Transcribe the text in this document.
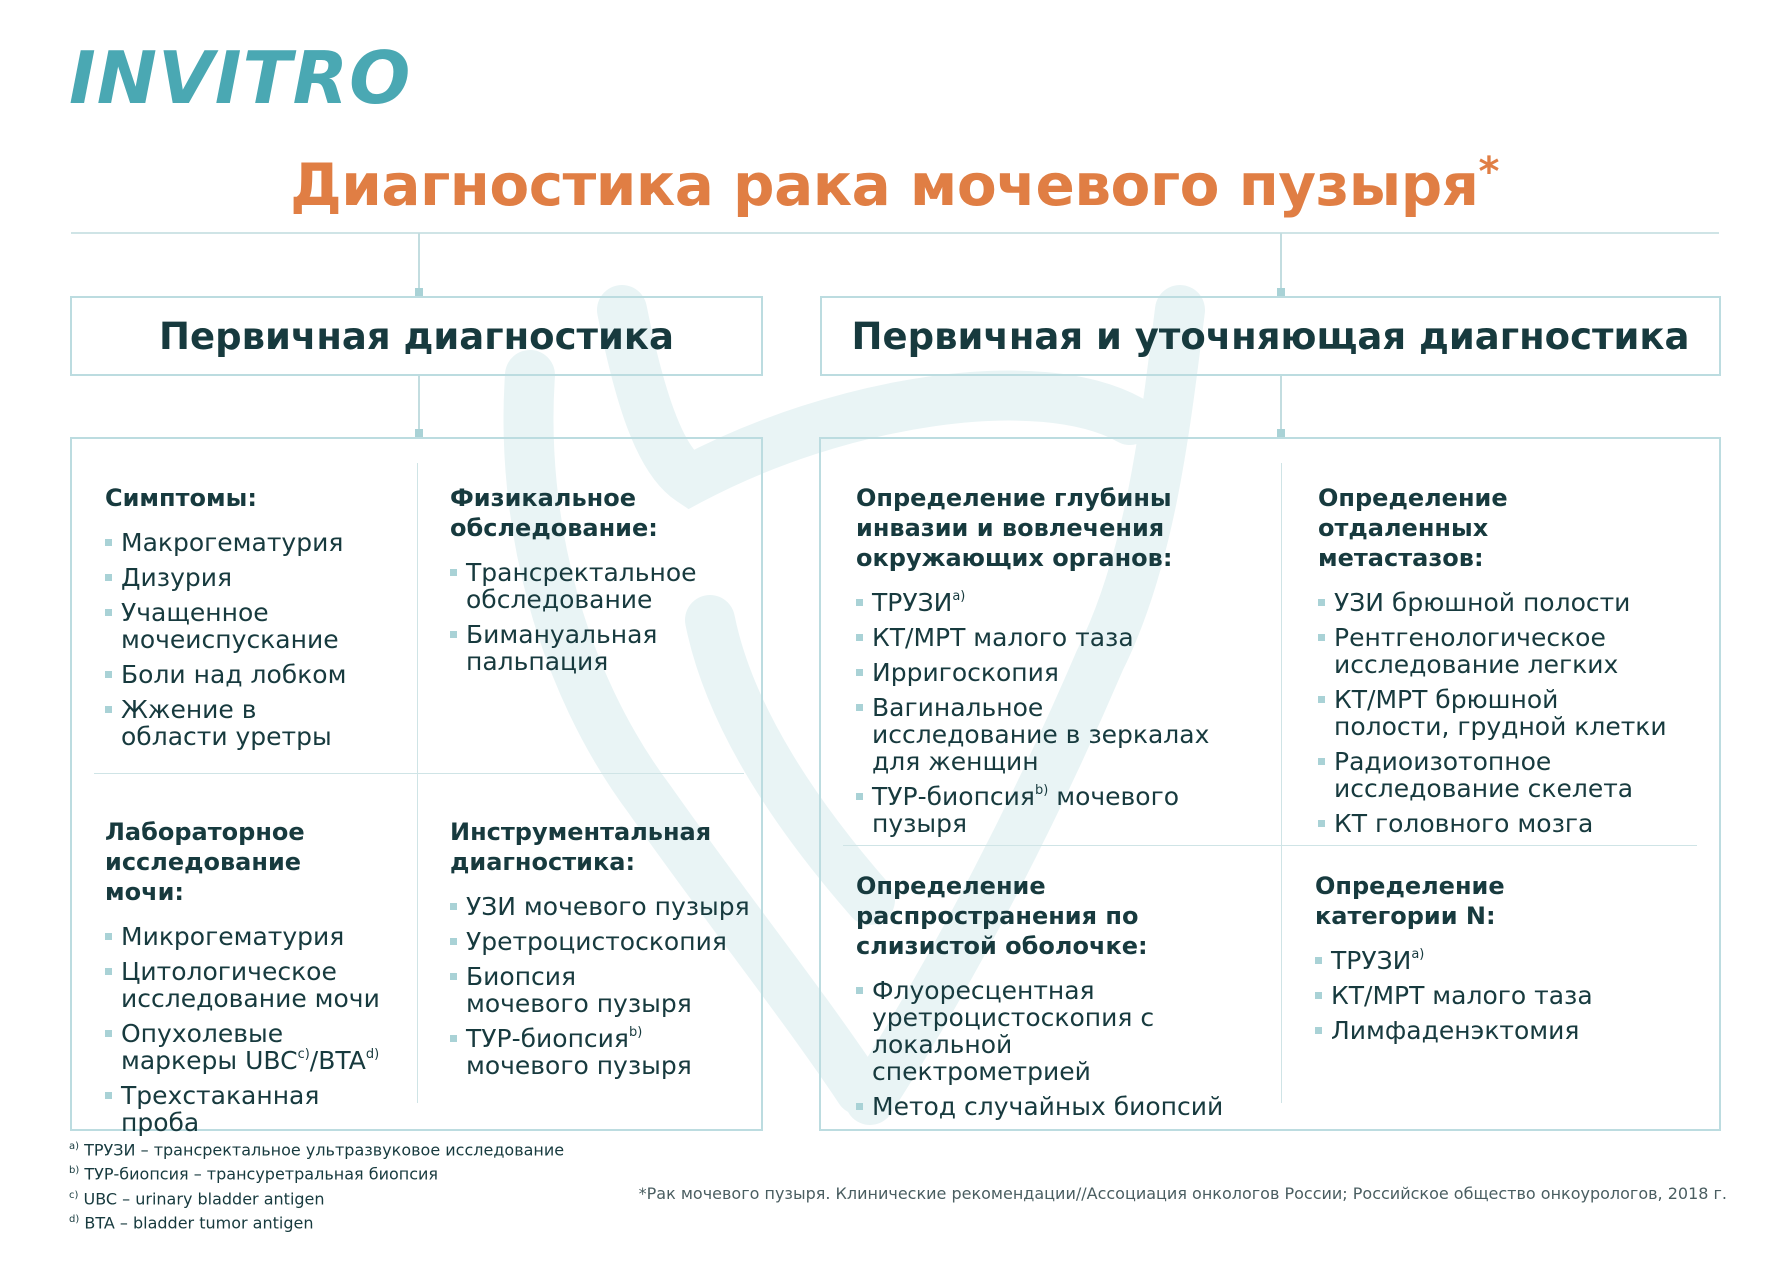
INVITRO
Диагностика рака мочевого пузыря*
Первичная диагностика	Первичная и уточняющая диагностика
Симптомы:
Макрогематурия
Дизурия
Учащенное мочеиспускание
Боли над лобком
Жжение в области уретры
Физикальное обследование:
Трансректальное обследование
Бимануальная пальпация
Лабораторное исследование мочи:
Микрогематурия
Цитологическое исследование мочи
Опухолевые маркеры UBC$^{c)}$/BTA$^{d)}$
Трехстаканная проба
Инструментальная диагностика:
УЗИ мочевого пузыря
Уретроцистоскопия
Биопсия мочевого пузыря
ТУР-биопсия$^{b)}$
мочевого пузыря
Определение глубины инвазии и вовлечения окружающих органов:
ТРУЗИ$^{a)}$
КТ/МРТ малого таза
Ирригоскопия
Вагинальное исследование в зеркалах для женщин
ТУР-биопсия$^{b)}$ мочевого пузыря
Определение отдаленных метастазов:
УЗИ брюшной полости
Рентгенологическое исследование легких
КТ/МРТ брюшной полости, грудной клетки
Радиоизотопное исследование скелета
КТ головного мозга
Определение распространения по слизистой оболочке:
Флуоресцентная уретроцистоскопия с локальной спектрометрией
Метод случайных биопсий
Определение категории N:
ТРУЗИ$^{a)}$
КТ/МРТ малого таза
Лимфаденэктомия
$^{a)}$ ТРУЗИ – трансректальное ультразвуковое исследование
$^{b)}$ ТУР-биопсия – трансуретральная биопсия
$^{c)}$ UBC – urinary bladder antigen
$^{d)}$ BTA – bladder tumor antigen
*Рак мочевого пузыря. Клинические рекомендации//Ассоциация онкологов России; Российское общество онкоурологов, 2018 г.
